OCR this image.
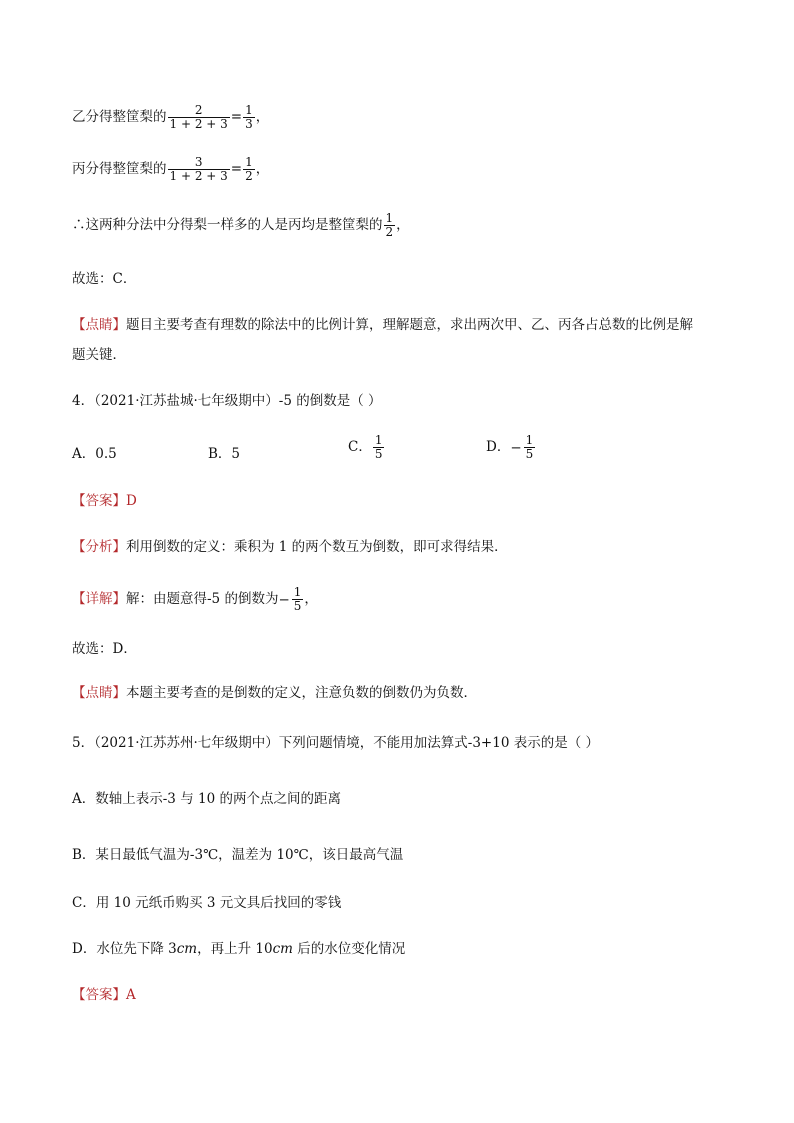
乙分得整筐梨的 $\frac{2}{1 + 2 + 3} = \frac{1}{3}$ ，
丙分得整筐梨的 $\frac{3}{1 + 2 + 3} = \frac{1}{2}$ ，
∴这两种分法中分得梨一样多的人是丙均是整筐梨的 $\frac{1}{2}$ ，
故选：C．
【点睛】题目主要考查有理数的除法中的比例计算，理解题意，求出两次甲、乙、丙各占总数的比例是解
题关键．
4．（2021·江苏盐城·七年级期中）-5 的倒数是（ ）
A．0.5	B．5	C． $\frac{1}{5}$	D．− $\frac{1}{5}$
【答案】D
【分析】利用倒数的定义：乘积为 1 的两个数互为倒数，即可求得结果．
【详解】解：由题意得-5 的倒数为− $\frac{1}{5}$ ，
故选：D．
【点睛】本题主要考查的是倒数的定义，注意负数的倒数仍为负数．
5．（2021·江苏苏州·七年级期中）下列问题情境，不能用加法算式-3+10 表示的是（ ）
A．数轴上表示-3 与 10 的两个点之间的距离
B．某日最低气温为-3℃，温差为 10℃，该日最高气温
C．用 10 元纸币购买 3 元文具后找回的零钱
D．水位先下降 3cm，再上升 10cm 后的水位变化情况
【答案】A
